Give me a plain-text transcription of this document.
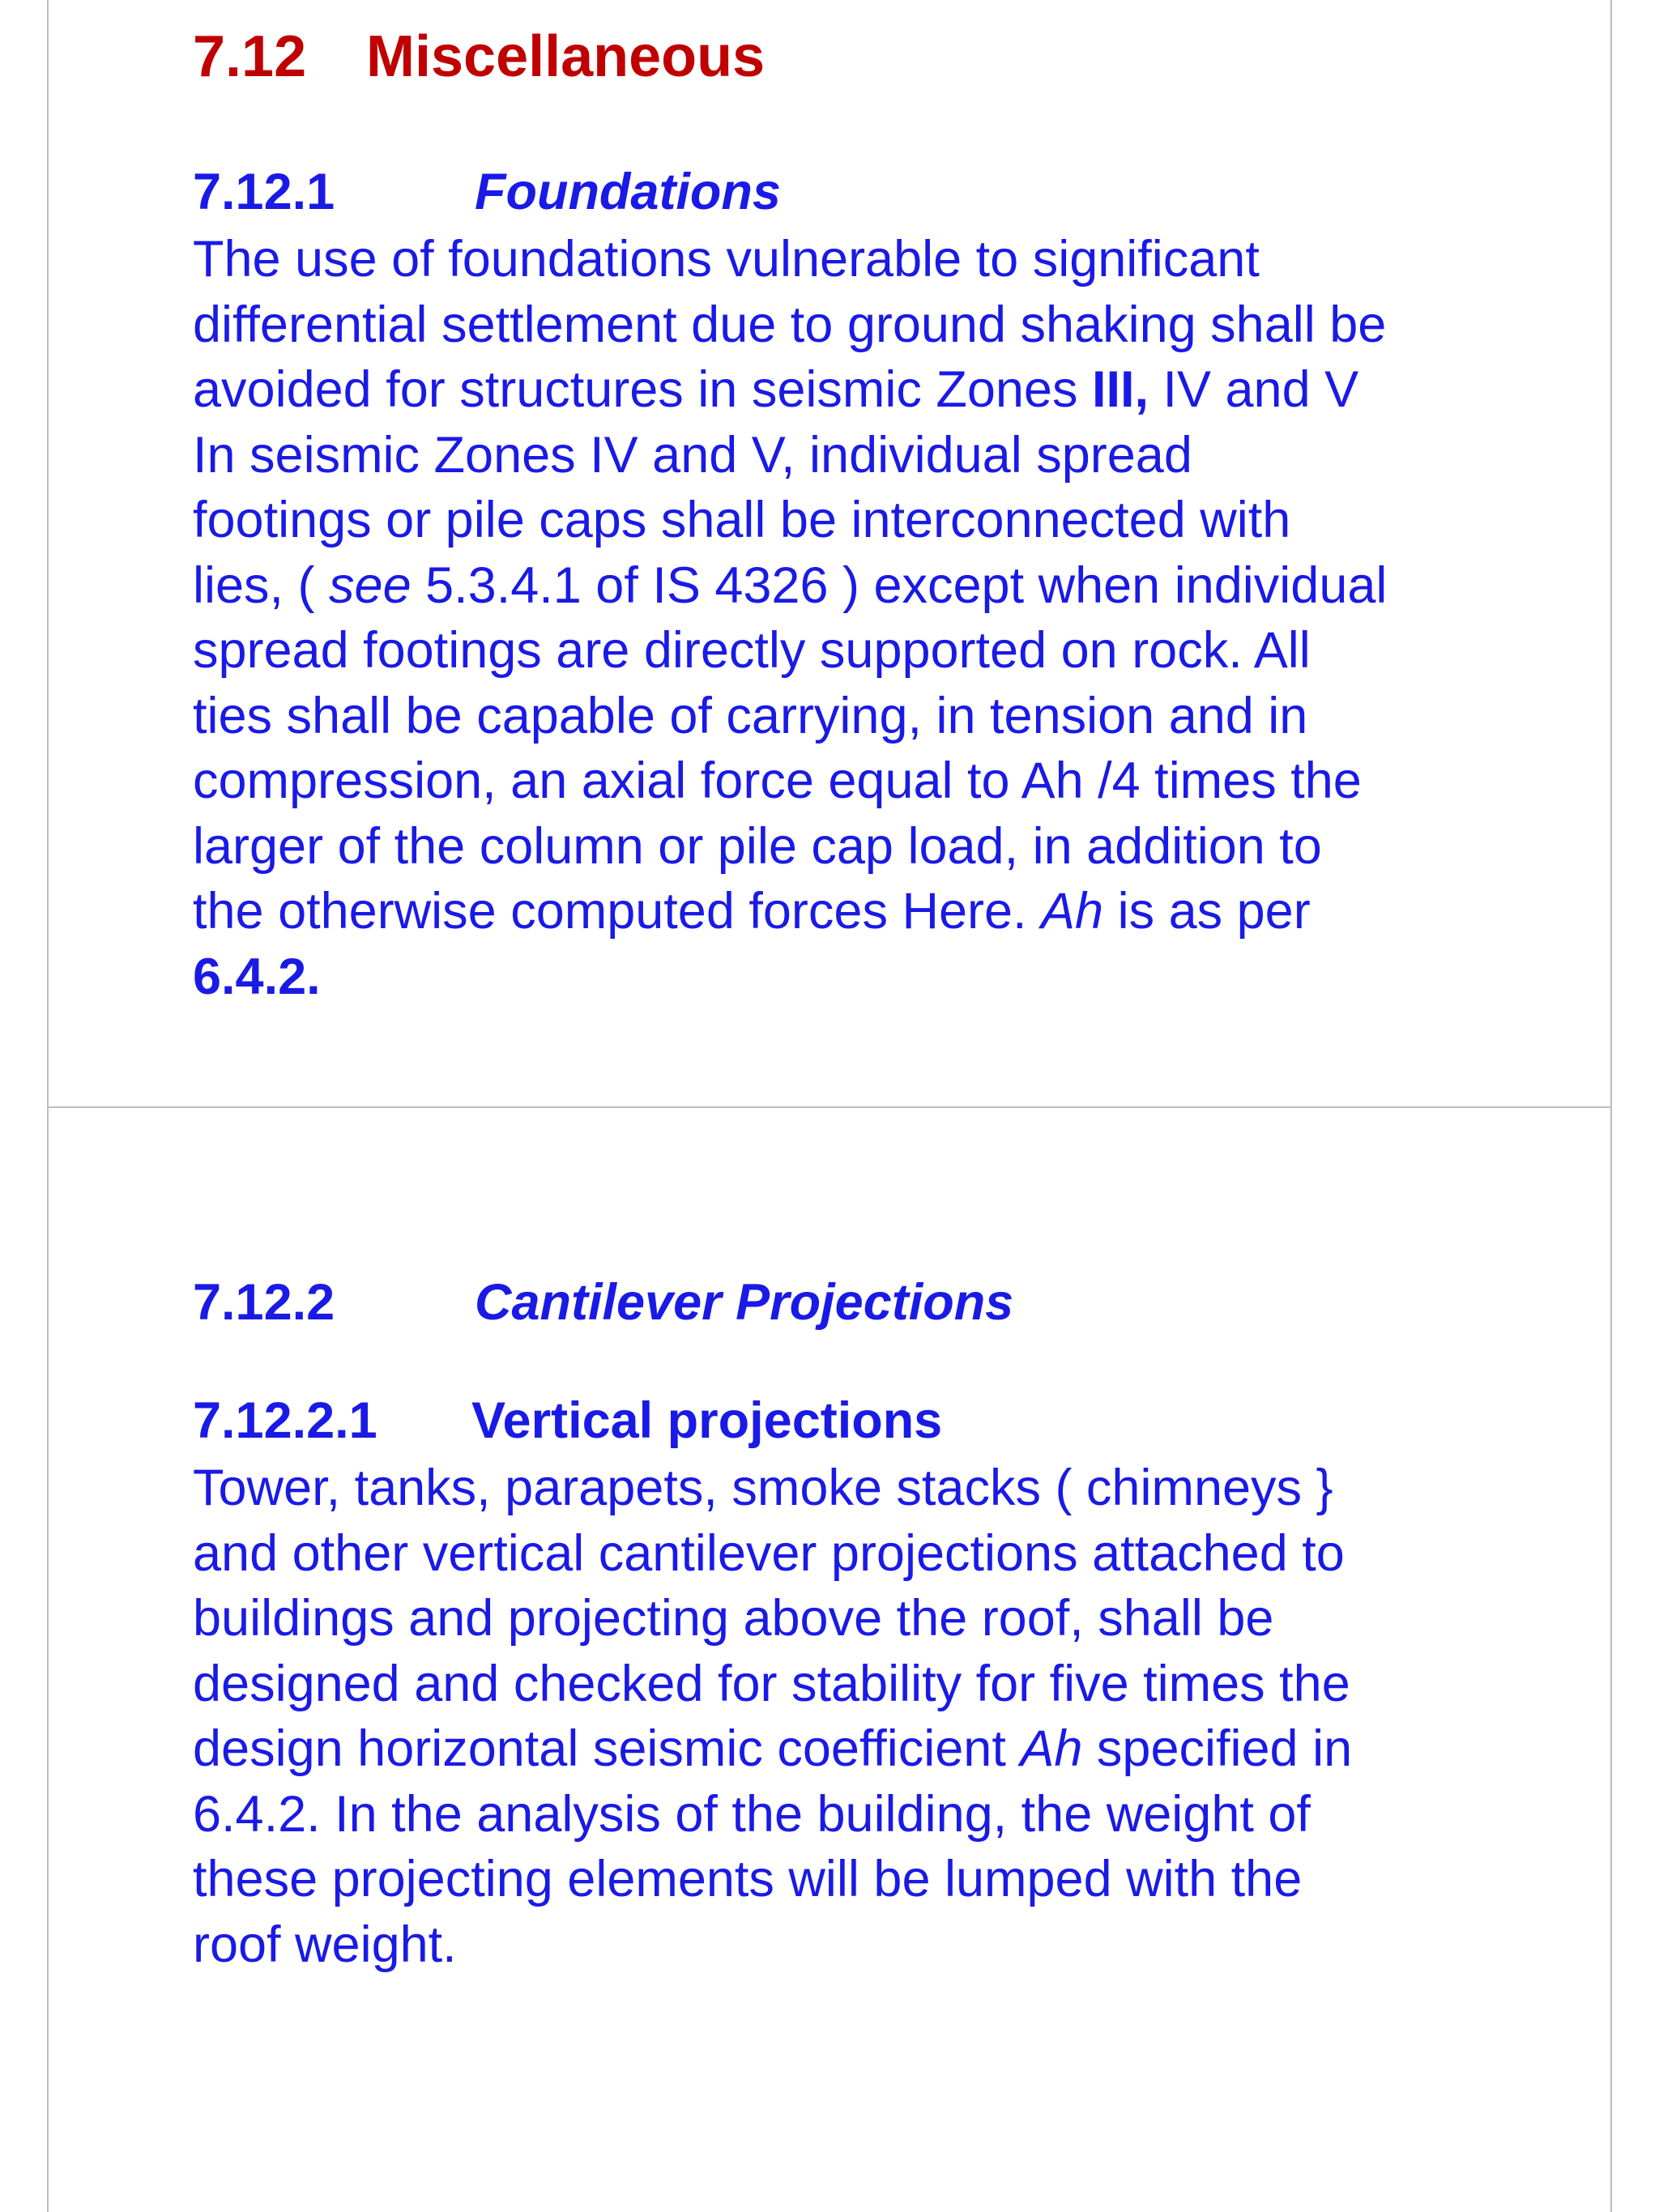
7.12 Miscellaneous
7.12.1	Foundations

The use of foundations vulnerable to significant
differential settlement due to ground shaking shall be
avoided for structures in seismic Zones III, IV and V
In seismic Zones IV and V, individual spread
footings or pile caps shall be interconnected with
lies, ( see 5.3.4.1 of IS 4326 ) except when individual
spread footings are directly supported on rock. All
ties shall be capable of carrying, in tension and in
compression, an axial force equal to Ah /4 times the
larger of the column or pile cap load, in addition to
the otherwise computed forces Here. Ah is as per
6.4.2.

7.12.2	Cantilever Projections
7.12.2.1 Vertical projections

Tower, tanks, parapets, smoke stacks ( chimneys }
and other vertical cantilever projections attached to
buildings and projecting above the roof, shall be
designed and checked for stability for five times the
design horizontal seismic coefficient Ah specified in
6.4.2. In the analysis of the building, the weight of
these projecting elements will be lumped with the
roof weight.
